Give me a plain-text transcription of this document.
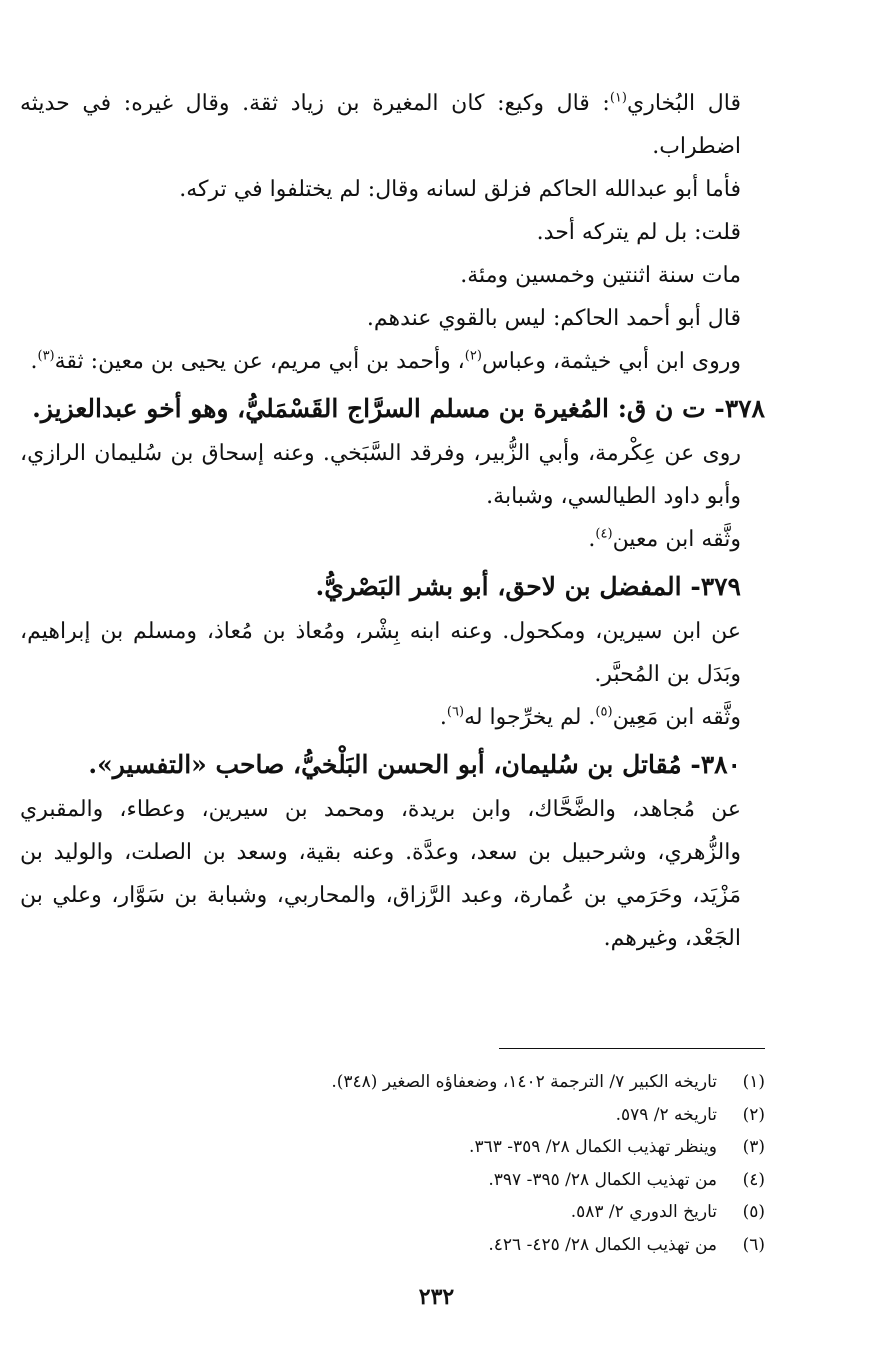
قال البُخاري$^{(١)}$: قال وكيع: كان المغيرة بن زياد ثقة. وقال غيره: في حديثه اضطراب.

فأما أبو عبدالله الحاكم فزلق لسانه وقال: لم يختلفوا في تركه.

قلت: بل لم يتركه أحد.

مات سنة اثنتين وخمسين ومئة.

قال أبو أحمد الحاكم: ليس بالقوي عندهم.

وروى ابن أبي خيثمة، وعباس$^{(٢)}$، وأحمد بن أبي مريم، عن يحيى بن معين: ثقة$^{(٣)}$.

٣٧٨- ت ن ق: المُغيرة بن مسلم السرَّاج القَسْمَليُّ، وهو أخو عبدالعزيز.

روى عن عِكْرمة، وأبي الزُّبير، وفرقد السَّبَخي. وعنه إسحاق بن سُليمان الرازي، وأبو داود الطيالسي، وشبابة.

وثَّقه ابن معين$^{(٤)}$.

٣٧٩- المفضل بن لاحق، أبو بشر البَصْريُّ.

عن ابن سيرين، ومكحول. وعنه ابنه بِشْر، ومُعاذ بن مُعاذ، ومسلم بن إبراهيم، وبَدَل بن المُحبَّر.

وثَّقه ابن مَعِين$^{(٥)}$. لم يخرِّجوا له$^{(٦)}$.

٣٨٠- مُقاتل بن سُليمان، أبو الحسن البَلْخيُّ، صاحب «التفسير».

عن مُجاهد، والضَّحَّاك، وابن بريدة، ومحمد بن سيرين، وعطاء، والمقبري والزُّهري، وشرحبيل بن سعد، وعدَّة. وعنه بقية، وسعد بن الصلت، والوليد بن مَزْيَد، وحَرَمي بن عُمارة، وعبد الرَّزاق، والمحاربي، وشبابة بن سَوَّار، وعلي بن الجَعْد، وغيرهم.

(١)
تاريخه الكبير ٧/ الترجمة ١٤٠٢، وضعفاؤه الصغير (٣٤٨).
(٢)
تاريخه ٢/ ٥٧٩.
(٣)
وينظر تهذيب الكمال ٢٨/ ٣٥٩- ٣٦٣.
(٤)
من تهذيب الكمال ٢٨/ ٣٩٥- ٣٩٧.
(٥)
تاريخ الدوري ٢/ ٥٨٣.
(٦)
من تهذيب الكمال ٢٨/ ٤٢٥- ٤٢٦.
٢٣٢
